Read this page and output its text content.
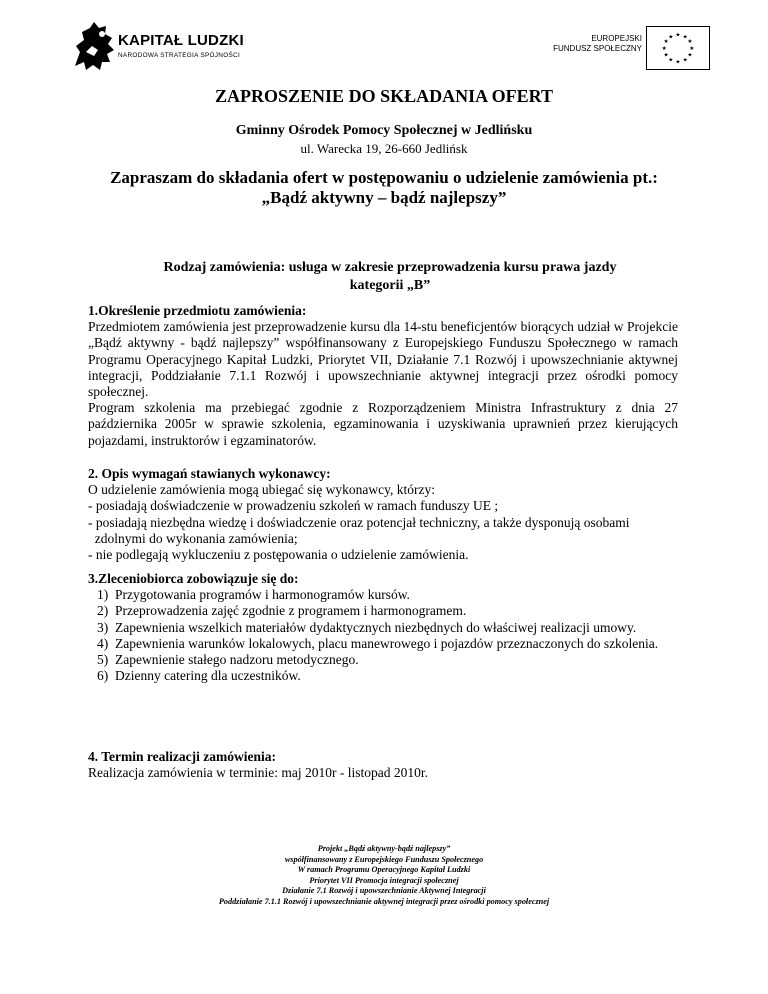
KAPITAŁ LUDZKI
NARODOWA STRATEGIA SPÓJNOŚCI
EUROPEJSKI
FUNDUSZ SPOŁECZNY
★ ★
★
★
★
★
★
★
★
★
★
★
ZAPROSZENIE DO SKŁADANIA OFERT
Gminny Ośrodek Pomocy Społecznej w Jedlińsku
ul. Warecka 19, 26-660 Jedlińsk
Zapraszam do składania ofert w postępowaniu o udzielenie zamówienia pt.:
„Bądź aktywny – bądź najlepszy”
Rodzaj zamówienia: usługa w zakresie przeprowadzenia kursu prawa jazdy
kategorii „B”
1.Określenie przedmiotu zamówienia:
Przedmiotem zamówienia jest przeprowadzenie kursu dla 14-stu beneficjentów biorących udział w Projekcie „Bądź aktywny - bądź najlepszy” współfinansowany z Europejskiego Funduszu Społecznego w ramach Programu Operacyjnego Kapitał Ludzki, Priorytet VII, Działanie 7.1 Rozwój i upowszechnianie aktywnej integracji, Poddziałanie 7.1.1 Rozwój i upowszechnianie aktywnej integracji przez ośrodki pomocy społecznej.
Program szkolenia ma przebiegać zgodnie z Rozporządzeniem Ministra Infrastruktury z dnia 27 października 2005r w sprawie szkolenia, egzaminowania i uzyskiwania uprawnień przez kierujących pojazdami, instruktorów i egzaminatorów.
2. Opis wymagań stawianych wykonawcy:
O udzielenie zamówienia mogą ubiegać się wykonawcy, którzy:
- posiadają doświadczenie w prowadzeniu szkoleń w ramach funduszy UE ;
- posiadają niezbędna wiedzę i doświadczenie oraz potencjał techniczny, a także dysponują osobami
zdolnymi do wykonania zamówienia;
- nie podlegają wykluczeniu z postępowania o udzielenie zamówienia.
3.Zleceniobiorca zobowiązuje się do:
1) Przygotowania programów i harmonogramów kursów.
2) Przeprowadzenia zajęć zgodnie z programem i harmonogramem.
3) Zapewnienia wszelkich materiałów dydaktycznych niezbędnych do właściwej realizacji umowy.
4) Zapewnienia warunków lokalowych, placu manewrowego i pojazdów przeznaczonych do szkolenia.
5) Zapewnienie stałego nadzoru metodycznego.
6) Dzienny catering dla uczestników.
4. Termin realizacji zamówienia:
Realizacja zamówienia w terminie: maj 2010r - listopad 2010r.
Projekt „Bądź aktywny-bądź najlepszy”
współfinansowany z Europejskiego Funduszu Społecznego
W ramach Programu Operacyjnego Kapitał Ludzki
Priorytet VII Promocja integracji społecznej
Działanie 7.1 Rozwój i upowszechnianie Aktywnej Integracji
Poddziałanie 7.1.1 Rozwój i upowszechnianie aktywnej integracji przez ośrodki pomocy społecznej
